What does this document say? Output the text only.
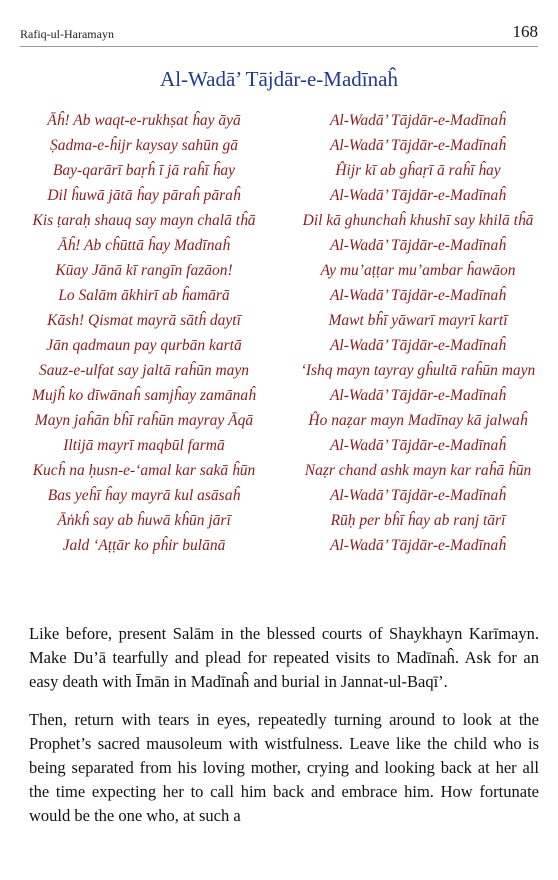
Rafiq-ul-Haramayn	168
Al-Wadā’ Tājdār-e-Madīnaĥ
Āĥ! Ab waqt-e-rukhṣat ĥay āyā	Al-Wadā’ Tājdār-e-Madīnaĥ
Ṣadma-e-ĥijr kaysay sahūn gā	Al-Wadā’ Tājdār-e-Madīnaĥ
Bay-qarārī baṛĥ ī jā raĥī ĥay	Ĥijr kī ab gĥaṛī ā raĥī ĥay
Dil ĥuwā jātā ĥay pāraĥ pāraĥ	Al-Wadā’ Tājdār-e-Madīnaĥ
Kis ṭaraḥ shauq say mayn chalā tĥā	Dil kā ghunchaĥ khushī say khilā tĥā
Āĥ! Ab cĥūttā ĥay Madīnaĥ	Al-Wadā’ Tājdār-e-Madīnaĥ
Kūay Jānā kī rangīn fazāon!	Ay mu’aṭṭar mu’ambar ĥawāon
Lo Salām ākhirī ab ĥamārā	Al-Wadā’ Tājdār-e-Madīnaĥ
Kāsh! Qismat mayrā sātĥ daytī	Mawt bĥī yāwarī mayrī kartī
Jān qadmaun pay qurbān kartā	Al-Wadā’ Tājdār-e-Madīnaĥ
Sauz-e-ulfat say jaltā raĥūn mayn	‘Ishq mayn tayray gĥultā raĥūn mayn
Mujĥ ko dīwānaĥ samjĥay zamānaĥ	Al-Wadā’ Tājdār-e-Madīnaĥ
Mayn jaĥān bĥī raĥūn mayray Āqā	Ĥo naẓar mayn Madīnay kā jalwaĥ
Iltijā mayrī maqbūl farmā	Al-Wadā’ Tājdār-e-Madīnaĥ
Kucĥ na ḥusn-e-‘amal kar sakā ĥūn	Naẓr chand ashk mayn kar raĥā ĥūn
Bas yeĥī ĥay mayrā kul asāsaĥ	Al-Wadā’ Tājdār-e-Madīnaĥ
Āṅkĥ say ab ĥuwā kĥūn jārī	Rūḥ per bĥī ĥay ab ranj tārī
Jald ‘Aṭṭār ko pĥir bulānā	Al-Wadā’ Tājdār-e-Madīnaĥ

Like before, present Salām in the blessed courts of Shaykhayn Karīmayn. Make Du’ā tearfully and plead for repeated visits to Madīnaĥ. Ask for an easy death with Īmān in Madīnaĥ and burial in Jannat-ul-Baqī’.

Then, return with tears in eyes, repeatedly turning around to look at the Prophet’s sacred mausoleum with wistfulness. Leave like the child who is being separated from his loving mother, crying and looking back at her all the time expecting her to call him back and embrace him. How fortunate would be the one who, at such a
